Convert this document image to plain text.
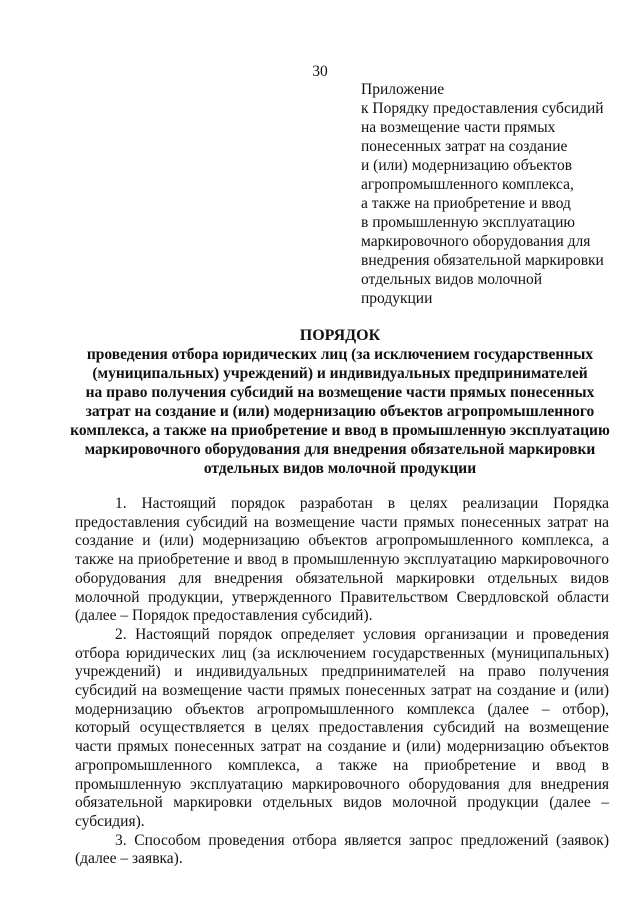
30
Приложение
к Порядку предоставления субсидий
на возмещение части прямых
понесенных затрат на создание
и (или) модернизацию объектов
агропромышленного комплекса,
а также на приобретение и ввод
в промышленную эксплуатацию
маркировочного оборудования для
внедрения обязательной маркировки
отдельных видов молочной
продукции
ПОРЯДОК
проведения отбора юридических лиц (за исключением государственных
(муниципальных) учреждений) и индивидуальных предпринимателей
на право получения субсидий на возмещение части прямых понесенных
затрат на создание и (или) модернизацию объектов агропромышленного
комплекса, а также на приобретение и ввод в промышленную эксплуатацию
маркировочного оборудования для внедрения обязательной маркировки
отдельных видов молочной продукции

1. Настоящий порядок разработан в целях реализации Порядка предоставления субсидий на возмещение части прямых понесенных затрат на создание и (или) модернизацию объектов агропромышленного комплекса, а также на приобретение и ввод в промышленную эксплуатацию маркировочного оборудования для внедрения обязательной маркировки отдельных видов молочной продукции, утвержденного Правительством Свердловской области (далее – Порядок предоставления субсидий).

2. Настоящий порядок определяет условия организации и проведения отбора юридических лиц (за исключением государственных (муниципальных) учреждений) и индивидуальных предпринимателей на право получения субсидий на возмещение части прямых понесенных затрат на создание и (или) модернизацию объектов агропромышленного комплекса (далее – отбор), который осуществляется в целях предоставления субсидий на возмещение части прямых понесенных затрат на создание и (или) модернизацию объектов агропромышленного комплекса, а также на приобретение и ввод в промышленную эксплуатацию маркировочного оборудования для внедрения обязательной маркировки отдельных видов молочной продукции (далее – субсидия).

3. Способом проведения отбора является запрос предложений (заявок) (далее – заявка).
